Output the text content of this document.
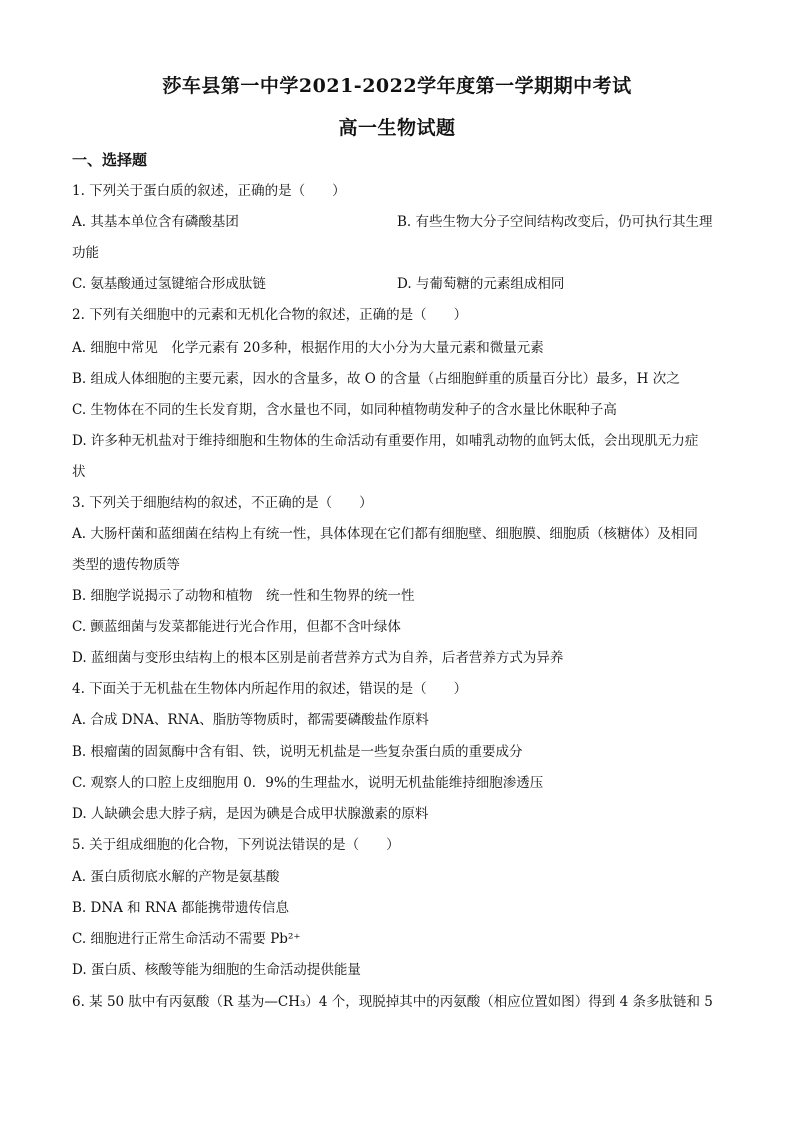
莎车县第一中学2021-2022学年度第一学期期中考试
高一生物试题
一、选择题
1. 下列关于蛋白质的叙述，正确的是（　　）
A. 其基本单位含有磷酸基团	B. 有些生物大分子空间结构改变后，仍可执行其生理
功能
C. 氨基酸通过氢键缩合形成肽链	D. 与葡萄糖的元素组成相同
2. 下列有关细胞中的元素和无机化合物的叙述，正确的是（　　）
A. 细胞中常见　化学元素有 20多种，根据作用的大小分为大量元素和微量元素
B. 组成人体细胞的主要元素，因水的含量多，故 O 的含量（占细胞鲜重的质量百分比）最多，H 次之
C. 生物体在不同的生长发育期，含水量也不同，如同种植物萌发种子的含水量比休眠种子高
D. 许多种无机盐对于维持细胞和生物体的生命活动有重要作用，如哺乳动物的血钙太低，会出现肌无力症
状
3. 下列关于细胞结构的叙述，不正确的是（　　）
A. 大肠杆菌和蓝细菌在结构上有统一性，具体体现在它们都有细胞壁、细胞膜、细胞质（核糖体）及相同
类型的遗传物质等
B. 细胞学说揭示了动物和植物　统一性和生物界的统一性
C. 颤蓝细菌与发菜都能进行光合作用，但都不含叶绿体
D. 蓝细菌与变形虫结构上的根本区别是前者营养方式为自养，后者营养方式为异养
4. 下面关于无机盐在生物体内所起作用的叙述，错误的是（　　）
A. 合成 DNA、RNA、脂肪等物质时，都需要磷酸盐作原料
B. 根瘤菌的固氮酶中含有钼、铁，说明无机盐是一些复杂蛋白质的重要成分
C. 观察人的口腔上皮细胞用 0．9%的生理盐水，说明无机盐能维持细胞渗透压
D. 人缺碘会患大脖子病，是因为碘是合成甲状腺激素的原料
5. 关于组成细胞的化合物，下列说法错误的是（　　）
A. 蛋白质彻底水解的产物是氨基酸
B. DNA 和 RNA 都能携带遗传信息
C. 细胞进行正常生命活动不需要 Pb²⁺
D. 蛋白质、核酸等能为细胞的生命活动提供能量
6. 某 50 肽中有丙氨酸（R 基为—CH₃）4 个，现脱掉其中的丙氨酸（相应位置如图）得到 4 条多肽链和 5
